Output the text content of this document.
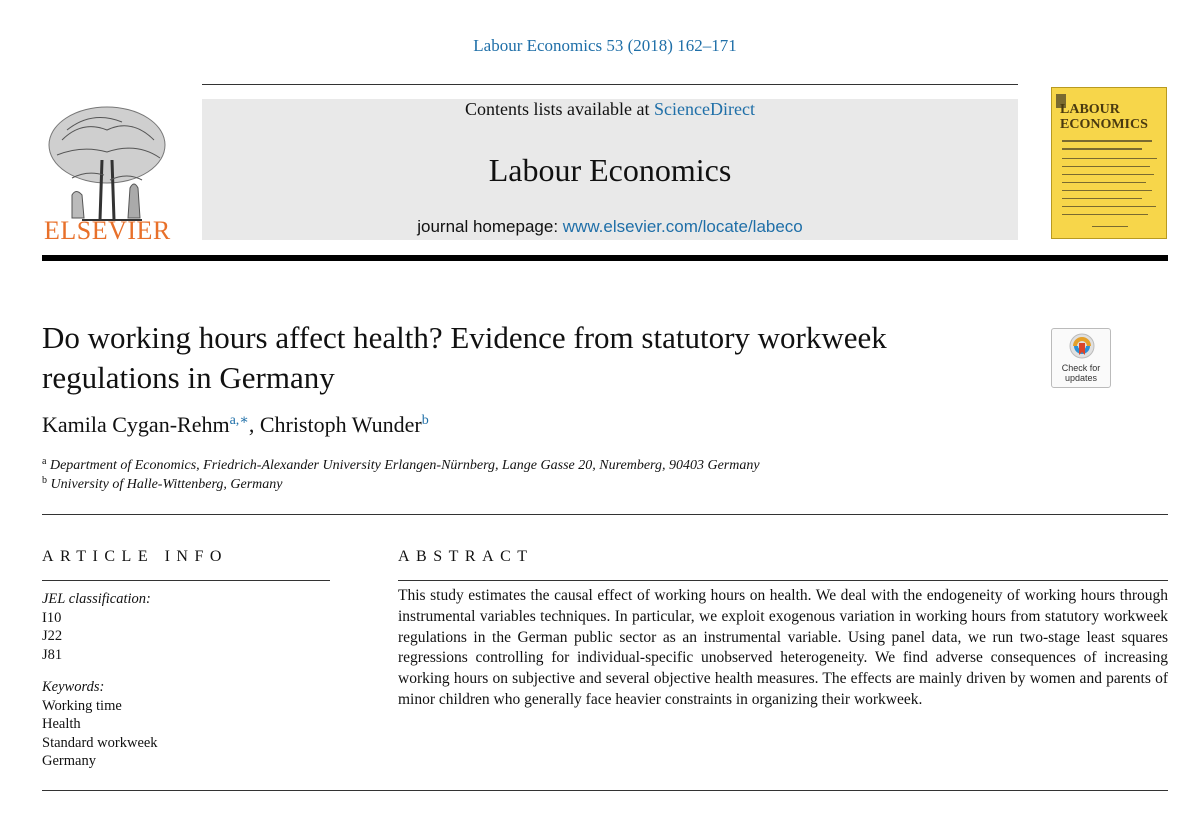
Labour Economics 53 (2018) 162–171
ELSEVIER
Contents lists available at ScienceDirect
Labour Economics
journal homepage: www.elsevier.com/locate/labeco
LABOUR ECONOMICS
Do working hours affect health? Evidence from statutory workweek regulations in Germany	Check for updates
Kamila Cygan-Rehm$^{a,∗}$, Christoph Wunder$^b$
$^a$ Department of Economics, Friedrich-Alexander University Erlangen-Nürnberg, Lange Gasse 20, Nuremberg, 90403 Germany
$^b$ University of Halle-Wittenberg, Germany
ARTICLE INFO
JEL classification:
I10
J22
J81
Keywords:
Working time
Health
Standard workweek
Germany
ABSTRACT
This study estimates the causal effect of working hours on health. We deal with the endogeneity of working hours through instrumental variables techniques. In particular, we exploit exogenous variation in working hours from statutory workweek regulations in the German public sector as an instrumental variable. Using panel data, we run two-stage least squares regressions controlling for individual-specific unobserved heterogeneity. We find adverse consequences of increasing working hours on subjective and several objective health measures. The effects are mainly driven by women and parents of minor children who generally face heavier constraints in organizing their workweek.
